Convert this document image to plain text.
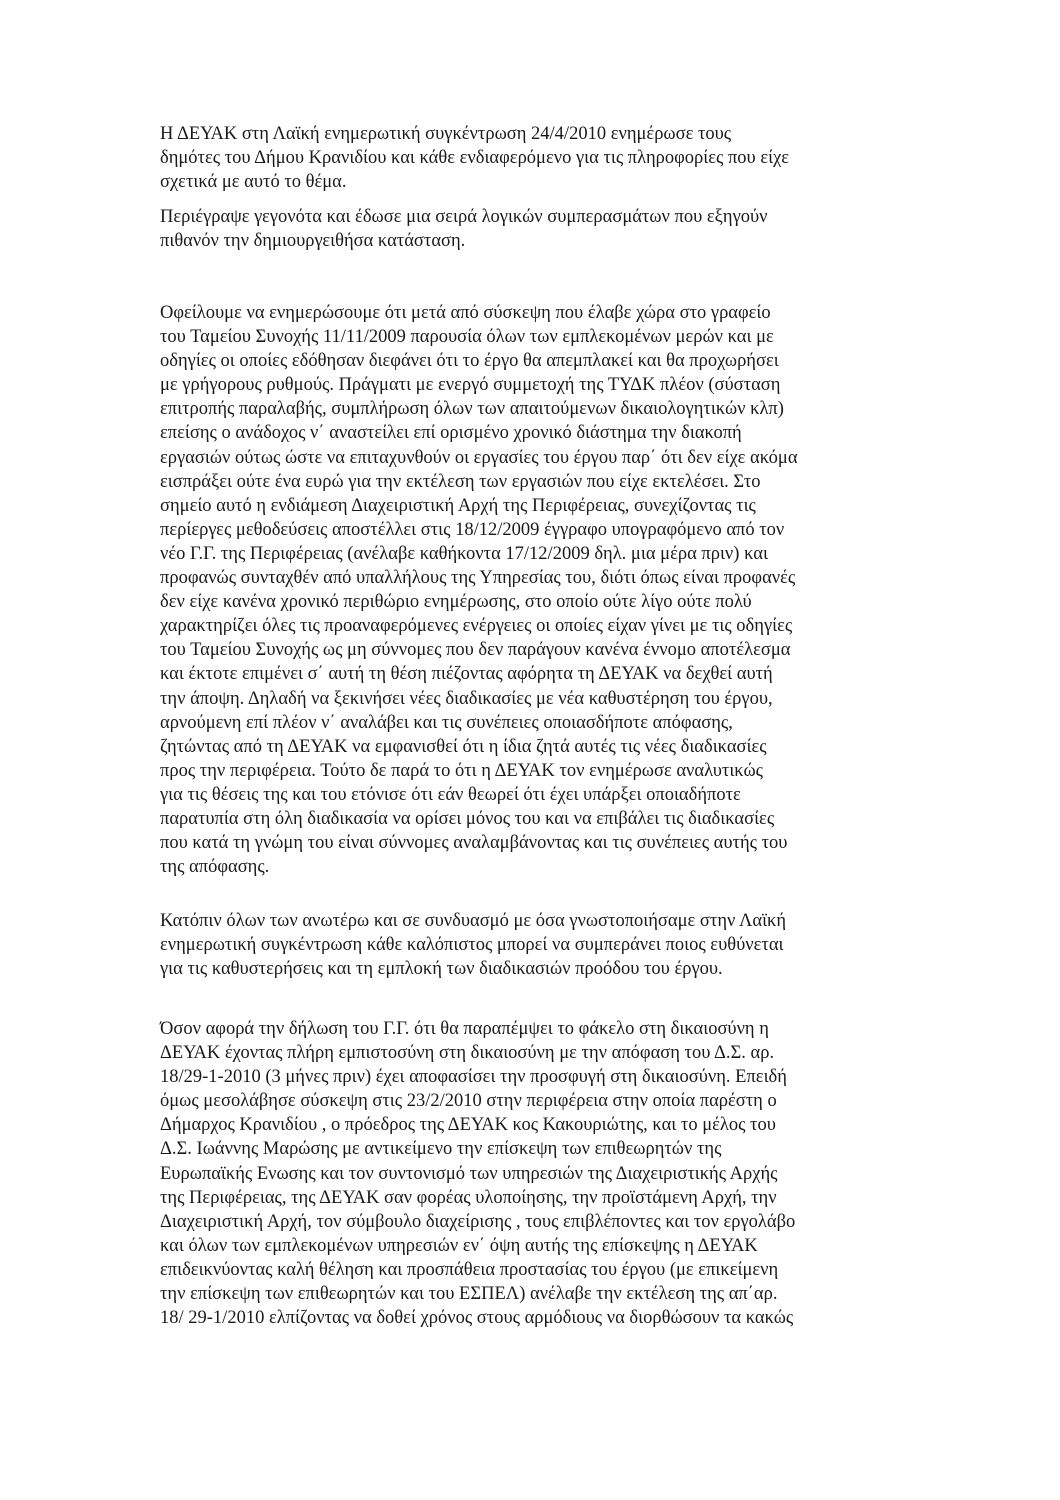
Η ΔΕΥΑΚ στη Λαϊκή ενημερωτική συγκέντρωση 24/4/2010 ενημέρωσε τους
δημότες του Δήμου Κρανιδίου και κάθε ενδιαφερόμενο για τις πληροφορίες που είχε
σχετικά με αυτό το θέμα.
Περιέγραψε γεγονότα και έδωσε μια σειρά λογικών συμπερασμάτων που εξηγούν
πιθανόν την δημιουργειθήσα κατάσταση.
Οφείλουμε να ενημερώσουμε ότι μετά από σύσκεψη που έλαβε χώρα στο γραφείο
του Ταμείου Συνοχής 11/11/2009 παρουσία όλων των εμπλεκομένων μερών και με
οδηγίες οι οποίες εδόθησαν διεφάνει ότι το έργο θα απεμπλακεί και θα προχωρήσει
με γρήγορους ρυθμούς. Πράγματι με ενεργό συμμετοχή της ΤΥΔΚ πλέον (σύσταση
επιτροπής παραλαβής, συμπλήρωση όλων των απαιτούμενων δικαιολογητικών κλπ)
επείσης ο ανάδοχος ν΄ αναστείλει επί ορισμένο χρονικό διάστημα την διακοπή
εργασιών ούτως ώστε να επιταχυνθούν οι εργασίες του έργου παρ΄ ότι δεν είχε ακόμα
εισπράξει ούτε ένα ευρώ για την εκτέλεση των εργασιών που είχε εκτελέσει. Στο
σημείο αυτό η ενδιάμεση Διαχειριστική Αρχή της Περιφέρειας, συνεχίζοντας τις
περίεργες μεθοδεύσεις αποστέλλει στις 18/12/2009 έγγραφο υπογραφόμενο από τον
νέο Γ.Γ. της Περιφέρειας (ανέλαβε καθήκοντα 17/12/2009 δηλ. μια μέρα πριν) και
προφανώς συνταχθέν από υπαλλήλους της Υπηρεσίας του, διότι όπως είναι προφανές
δεν είχε κανένα χρονικό περιθώριο ενημέρωσης, στο οποίο ούτε λίγο ούτε πολύ
χαρακτηρίζει όλες τις προαναφερόμενες ενέργειες οι οποίες είχαν γίνει με τις οδηγίες
του Ταμείου Συνοχής ως μη σύννομες που δεν παράγουν κανένα έννομο αποτέλεσμα
και έκτοτε επιμένει σ΄ αυτή τη θέση πιέζοντας αφόρητα τη ΔΕΥΑΚ να δεχθεί αυτή
την άποψη. Δηλαδή να ξεκινήσει νέες διαδικασίες με νέα καθυστέρηση του έργου,
αρνούμενη επί πλέον ν΄ αναλάβει και τις συνέπειες οποιασδήποτε απόφασης,
ζητώντας από τη ΔΕΥΑΚ να εμφανισθεί ότι η ίδια ζητά αυτές τις νέες διαδικασίες
προς την περιφέρεια. Τούτο δε παρά το ότι η ΔΕΥΑΚ τον ενημέρωσε αναλυτικώς
για τις θέσεις της και του ετόνισε ότι εάν θεωρεί ότι έχει υπάρξει οποιαδήποτε
παρατυπία στη όλη διαδικασία να ορίσει μόνος του και να επιβάλει τις διαδικασίες
που κατά τη γνώμη του είναι σύννομες αναλαμβάνοντας και τις συνέπειες αυτής του
της απόφασης.
Κατόπιν όλων των ανωτέρω και σε συνδυασμό με όσα γνωστοποιήσαμε στην Λαϊκή
ενημερωτική συγκέντρωση κάθε καλόπιστος μπορεί να συμπεράνει ποιος ευθύνεται
για τις καθυστερήσεις και τη εμπλοκή των διαδικασιών προόδου του έργου.
Όσον αφορά την δήλωση του Γ.Γ. ότι θα παραπέμψει το φάκελο στη δικαιοσύνη η
ΔΕΥΑΚ έχοντας πλήρη εμπιστοσύνη στη δικαιοσύνη με την απόφαση του Δ.Σ. αρ.
18/29-1-2010 (3 μήνες πριν) έχει αποφασίσει την προσφυγή στη δικαιοσύνη. Επειδή
όμως μεσολάβησε σύσκεψη στις 23/2/2010 στην περιφέρεια στην οποία παρέστη ο
Δήμαρχος Κρανιδίου , ο πρόεδρος της ΔΕΥΑΚ κος Κακουριώτης, και το μέλος του
Δ.Σ. Ιωάννης Μαρώσης με αντικείμενο την επίσκεψη των επιθεωρητών της
Ευρωπαϊκής Ενωσης και τον συντονισμό των υπηρεσιών της Διαχειριστικής Αρχής
της Περιφέρειας, της ΔΕΥΑΚ σαν φορέας υλοποίησης, την προϊστάμενη Αρχή, την
Διαχειριστική Αρχή, τον σύμβουλο διαχείρισης , τους επιβλέποντες και τον εργολάβο
και όλων των εμπλεκομένων υπηρεσιών εν΄ όψη αυτής της επίσκεψης η ΔΕΥΑΚ
επιδεικνύοντας καλή θέληση και προσπάθεια προστασίας του έργου (με επικείμενη
την επίσκεψη των επιθεωρητών και του ΕΣΠΕΛ) ανέλαβε την εκτέλεση της απ΄αρ.
18/ 29-1/2010 ελπίζοντας να δοθεί χρόνος στους αρμόδιους να διορθώσουν τα κακώς
